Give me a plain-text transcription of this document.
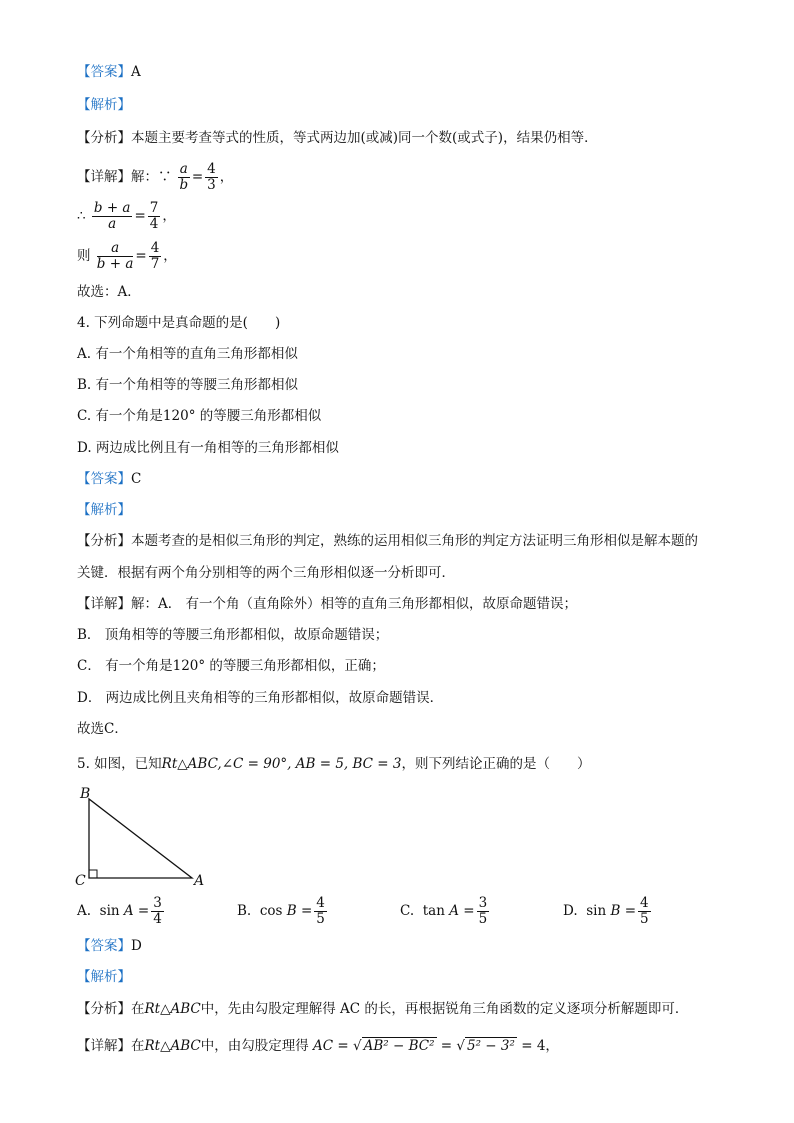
【答案】A
【解析】
【分析】本题主要考查等式的性质，等式两边加(或减)同一个数(或式子)，结果仍相等．
【详解】解：∵ $\frac{a}{b} = \frac{4}{3}$ ，
∴ $\frac{b + a}{a} = \frac{7}{4}$ ，
则 $\frac{a}{b + a} = \frac{4}{7}$ ，
故选：A．
4. 下列命题中是真命题的是(　　)
A. 有一个角相等的直角三角形都相似
B. 有一个角相等的等腰三角形都相似
C. 有一个角是120° 的等腰三角形都相似
D. 两边成比例且有一角相等的三角形都相似
【答案】C
【解析】
【分析】本题考查的是相似三角形的判定，熟练的运用相似三角形的判定方法证明三角形相似是解本题的
关键．根据有两个角分别相等的两个三角形相似逐一分析即可．
【详解】解：A． 有一个角（直角除外）相等的直角三角形都相似，故原命题错误；
B． 顶角相等的等腰三角形都相似，故原命题错误；
C． 有一个角是120° 的等腰三角形都相似，正确；
D． 两边成比例且夹角相等的三角形都相似，故原命题错误．
故选C．
5. 如图，已知Rt△ABC,∠C = 90°, AB = 5, BC = 3，则下列结论正确的是（　　）
B
C	A
A. $\sin A = \frac{3}{4}$	B. $\cos B = \frac{4}{5}$	C. $\tan A = \frac{3}{5}$	D. $\sin B = \frac{4}{5}$
【答案】D
【解析】
【分析】在Rt△ABC中，先由勾股定理解得 AC 的长，再根据锐角三角函数的定义逐项分析解题即可．
【详解】在Rt△ABC中，由勾股定理得 AC = √ AB² − BC² = √ 5² − 3² = 4，
